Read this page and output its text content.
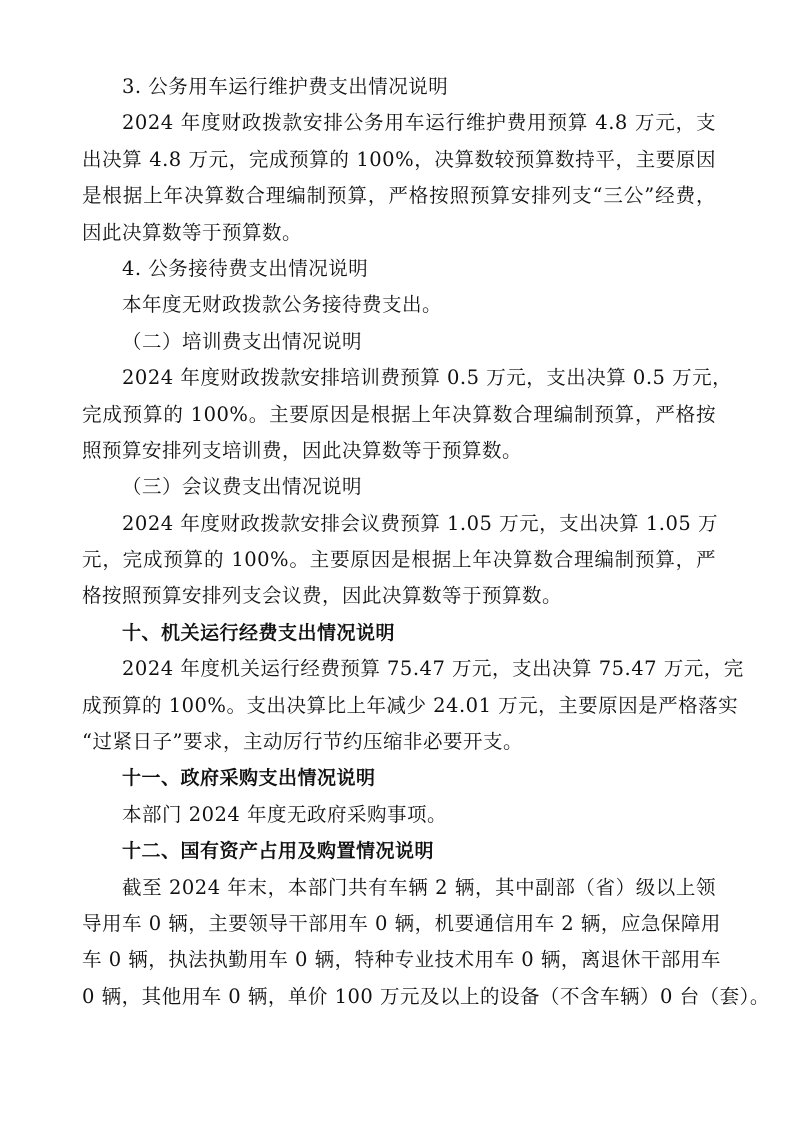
3. 公务用车运行维护费支出情况说明
2024 年度财政拨款安排公务用车运行维护费用预算 4.8 万元，支
出决算 4.8 万元，完成预算的 100%，决算数较预算数持平，主要原因
是根据上年决算数合理编制预算，严格按照预算安排列支“三公”经费，
因此决算数等于预算数。
4. 公务接待费支出情况说明
本年度无财政拨款公务接待费支出。
（二）培训费支出情况说明
2024 年度财政拨款安排培训费预算 0.5 万元，支出决算 0.5 万元，
完成预算的 100%。主要原因是根据上年决算数合理编制预算，严格按
照预算安排列支培训费，因此决算数等于预算数。
（三）会议费支出情况说明
2024 年度财政拨款安排会议费预算 1.05 万元，支出决算 1.05 万
元，完成预算的 100%。主要原因是根据上年决算数合理编制预算，严
格按照预算安排列支会议费，因此决算数等于预算数。
十、机关运行经费支出情况说明
2024 年度机关运行经费预算 75.47 万元，支出决算 75.47 万元，完
成预算的 100%。支出决算比上年减少 24.01 万元，主要原因是严格落实
“过紧日子”要求，主动厉行节约压缩非必要开支。
十一、政府采购支出情况说明
本部门 2024 年度无政府采购事项。
十二、国有资产占用及购置情况说明
截至 2024 年末，本部门共有车辆 2 辆，其中副部（省）级以上领
导用车 0 辆，主要领导干部用车 0 辆，机要通信用车 2 辆，应急保障用
车 0 辆，执法执勤用车 0 辆，特种专业技术用车 0 辆，离退休干部用车
0 辆，其他用车 0 辆，单价 100 万元及以上的设备（不含车辆）0 台（套）。
